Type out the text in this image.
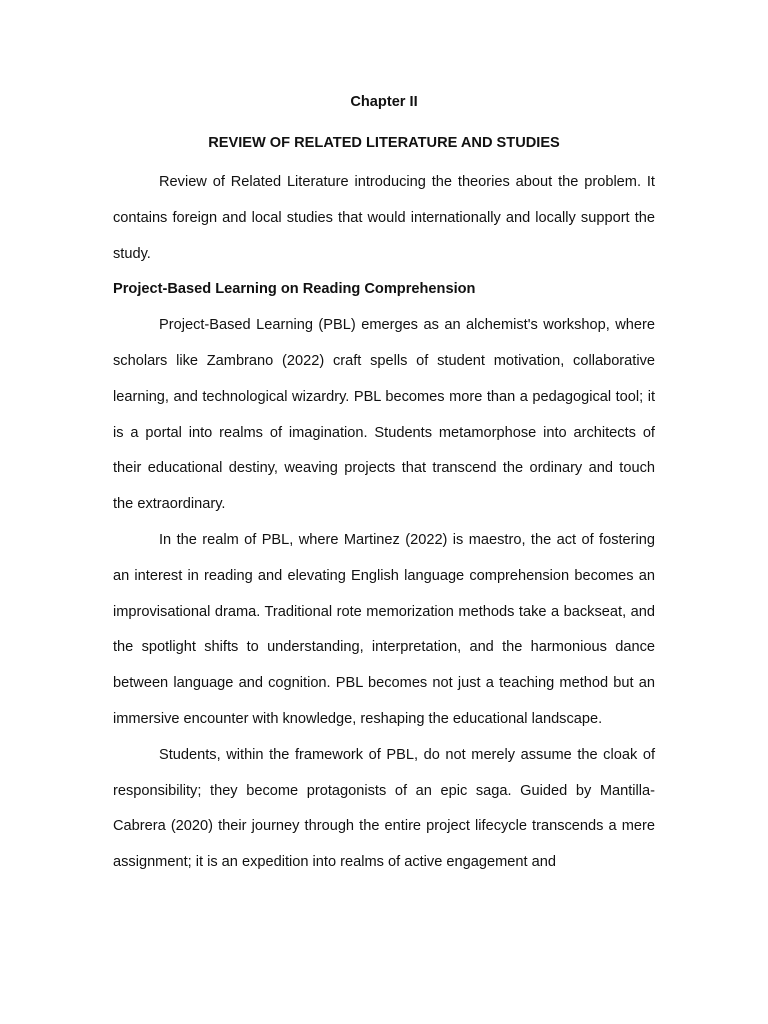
Chapter II

REVIEW OF RELATED LITERATURE AND STUDIES

Review of Related Literature introducing the theories about the problem. It contains foreign and local studies that would internationally and locally support the study.

Project-Based Learning on Reading Comprehension

Project-Based Learning (PBL) emerges as an alchemist's workshop, where scholars like Zambrano (2022) craft spells of student motivation, collaborative learning, and technological wizardry. PBL becomes more than a pedagogical tool; it is a portal into realms of imagination. Students metamorphose into architects of their educational destiny, weaving projects that transcend the ordinary and touch the extraordinary.

In the realm of PBL, where Martinez (2022) is maestro, the act of fostering an interest in reading and elevating English language comprehension becomes an improvisational drama. Traditional rote memorization methods take a backseat, and the spotlight shifts to understanding, interpretation, and the harmonious dance between language and cognition. PBL becomes not just a teaching method but an immersive encounter with knowledge, reshaping the educational landscape.

Students, within the framework of PBL, do not merely assume the cloak of responsibility; they become protagonists of an epic saga. Guided by Mantilla-Cabrera (2020) their journey through the entire project lifecycle transcends a mere assignment; it is an expedition into realms of active engagement and
